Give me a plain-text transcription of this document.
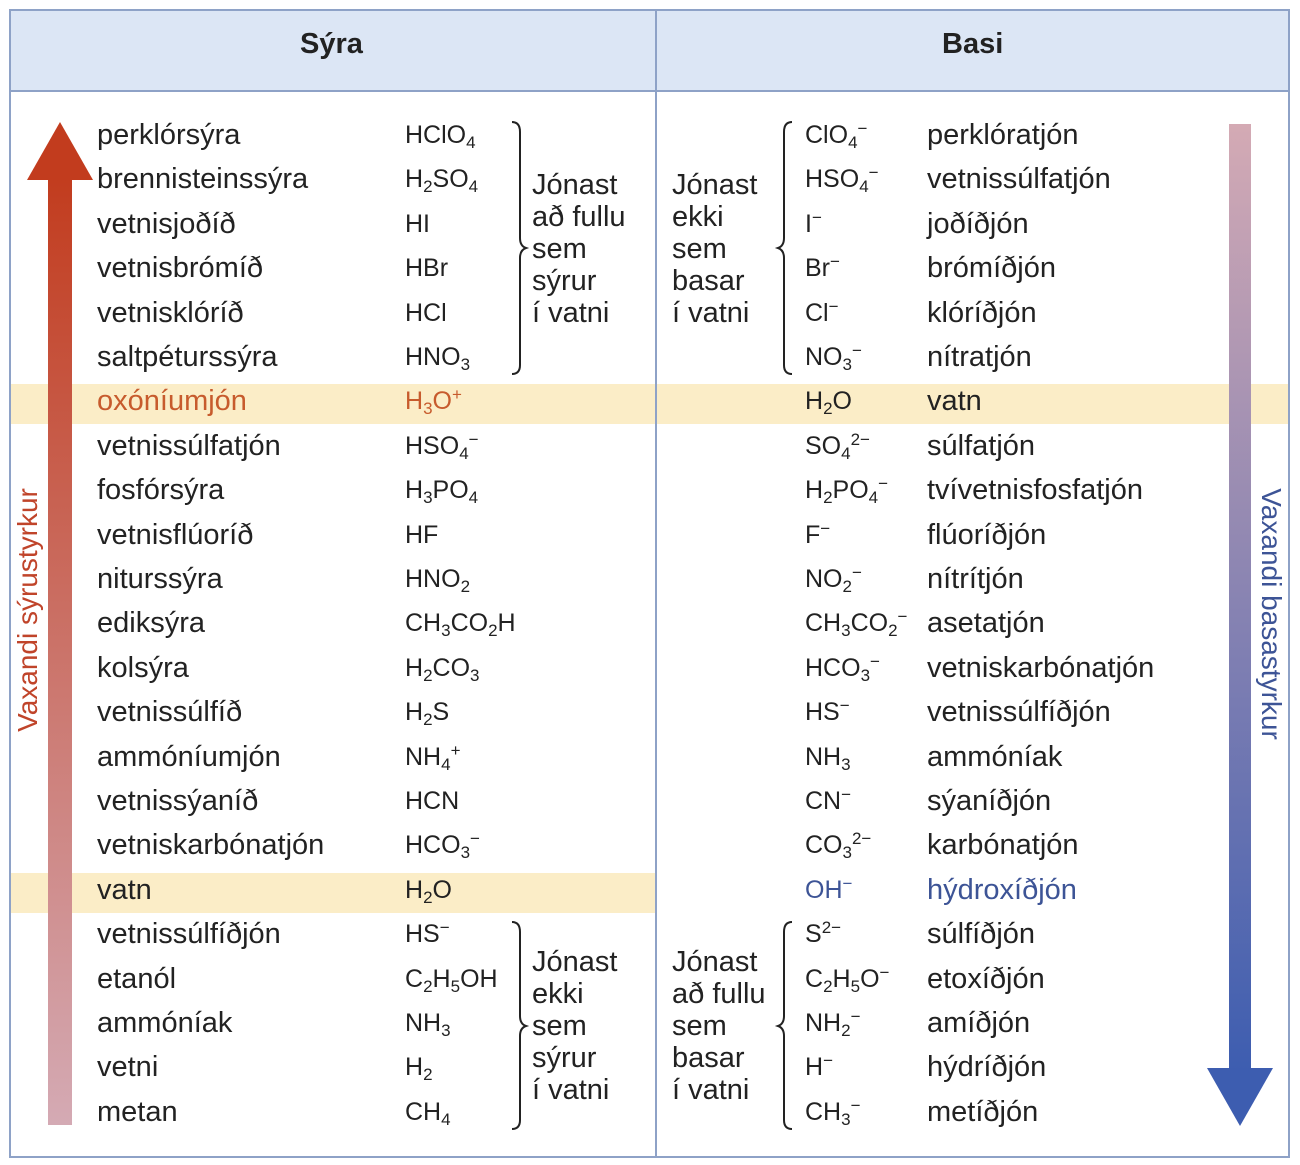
Sýra	Basi
Vaxandi sýrustyrkur	Vaxandi basastyrkur
Jónast
að fullu
sem
sýrur
í vatni
Jónast
ekki
sem
basar
í vatni
Jónast
ekki
sem
sýrur
í vatni
Jónast
að fullu
sem
basar
í vatni
perklórsýra	HClO$_4$	ClO$_4$− perklóratjón
brennisteinssýra	$H_2SO_4$	$HSO_4^-$ vetnissúlfatjón
vetnisjoðíð	HI	I−	joðíðjón
vetnisbrómíð	HBr	Br−	brómíðjón
vetnisklóríð	HCl	Cl−	klóríðjón
saltpéturssýra	$HNO_3$	$NO_3^-$ nítratjón
oxóníumjón	$H_3O^+$	$H_2O$	vatn
vetnissúlfatjón	$HSO_4^-$	$SO_4^{2-}$ súlfatjón
fosfórsýra	$H_3PO_4$	$H_2PO_4^-$ tvívetnisfosfatjón
vetnisflúoríð	HF	F−	flúoríðjón
niturssýra	$HNO_2$	$NO_2^-$ nítrítjón
ediksýra	$CH_3CO_2H$	$CH_3CO_2^-$ asetatjón
kolsýra	$H_2CO_3$	$HCO_3^-$ vetniskarbónatjón
vetnissúlfíð	$H_2S$	HS−	vetnissúlfíðjón
ammóníumjón	$NH_4^+$	$NH_3$	ammóníak
vetnissýaníð	HCN	CN−	sýaníðjón
vetniskarbónatjón	$HCO_3^-$	$CO_3^{2-}$ karbónatjón
vatn	$H_2O$	OH−	hýdroxíðjón
vetnissúlfíðjón	HS−	$S^{2-}$	súlfíðjón
etanól	$C_2H_5OH$	$C_2H_5O^-$ etoxíðjón
ammóníak	$NH_3$	$NH_2^-$ amíðjón
vetni	$H_2$	H−	hýdríðjón
metan	$CH_4$	$CH_3^-$ metíðjón
